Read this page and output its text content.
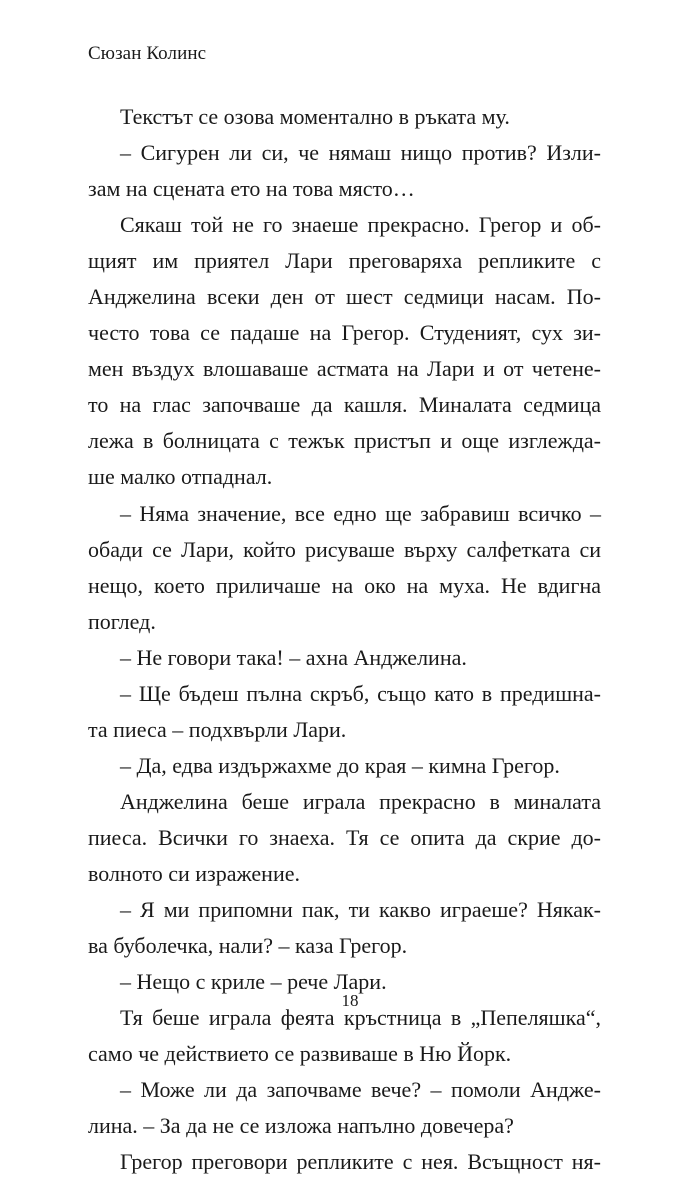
Сюзан Колинс
Текстът се озова моментално в ръката му.
– Сигурен ли си, че нямаш нищо против? Изли-
зам на сцената ето на това място…
Сякаш той не го знаеше прекрасно. Грегор и об-
щият им приятел Лари преговаряха репликите с
Анджелина всеки ден от шест седмици насам. По-
често това се падаше на Грегор. Студеният, сух зи-
мен въздух влошаваше астмата на Лари и от четене-
то на глас започваше да кашля. Миналата седмица
лежа в болницата с тежък пристъп и още изглежда-
ше малко отпаднал.
– Няма значение, все едно ще забравиш всичко –
обади се Лари, който рисуваше върху салфетката си
нещо, което приличаше на око на муха. Не вдигна
поглед.
– Не говори така! – ахна Анджелина.
– Ще бъдеш пълна скръб, също като в предишна-
та пиеса – подхвърли Лари.
– Да, едва издържахме до края – кимна Грегор.
Анджелина беше играла прекрасно в миналата
пиеса. Всички го знаеха. Тя се опита да скрие до-
волното си изражение.
– Я ми припомни пак, ти какво играеше? Някак-
ва буболечка, нали? – каза Грегор.
– Нещо с криле – рече Лари.
Тя беше играла феята кръстница в „Пепеляшка“,
само че действието се развиваше в Ню Йорк.
– Може ли да започваме вече? – помоли Андже-
лина. – За да не се изложа напълно довечера?
Грегор преговори репликите с нея. Всъщност ня-
18
